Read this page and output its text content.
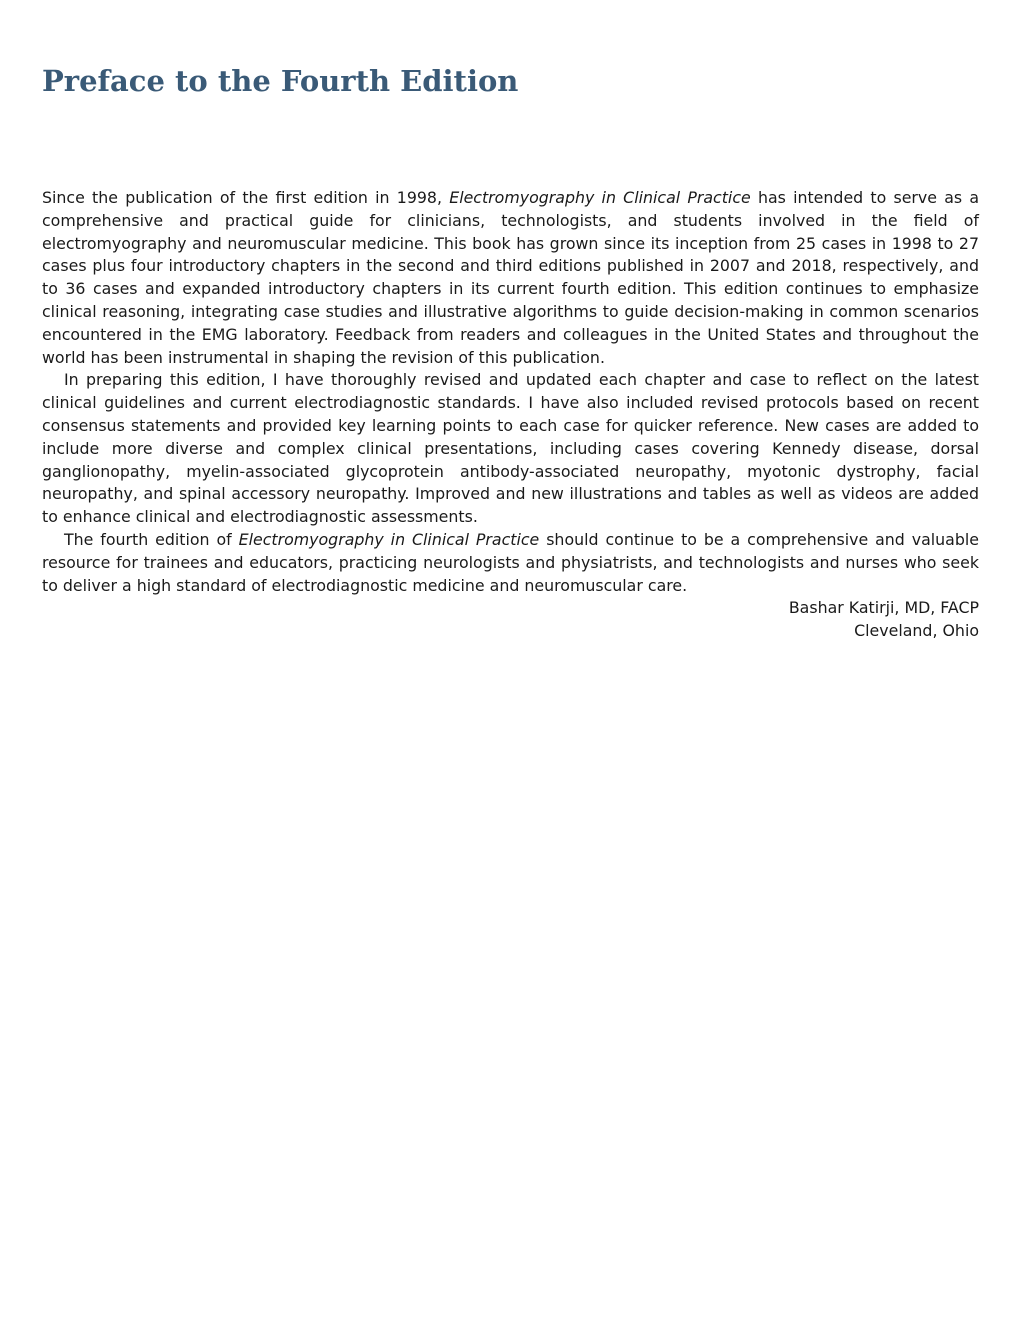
Preface to the Fourth Edition

Since the publication of the first edition in 1998, Electromyography in Clinical Practice has intended to serve as a comprehensive and practical guide for clinicians, technologists, and students involved in the field of electromyography and neuromuscular medicine. This book has grown since its inception from 25 cases in 1998 to 27 cases plus four introductory chapters in the second and third editions published in 2007 and 2018, respectively, and to 36 cases and expanded introductory chapters in its current fourth edition. This edition continues to emphasize clinical reasoning, integrating case studies and illustrative algorithms to guide decision-making in common scenarios encountered in the EMG laboratory. Feedback from readers and colleagues in the United States and throughout the world has been instrumental in shaping the revision of this publication.

In preparing this edition, I have thoroughly revised and updated each chapter and case to reflect on the latest clinical guidelines and current electrodiagnostic standards. I have also included revised protocols based on recent consensus statements and provided key learning points to each case for quicker reference. New cases are added to include more diverse and complex clinical presentations, including cases covering Kennedy disease, dorsal ganglionopathy, myelin-associated glycoprotein antibody-associated neuropathy, myotonic dystrophy, facial neuropathy, and spinal accessory neuropathy. Improved and new illustrations and tables as well as videos are added to enhance clinical and electrodiagnostic assessments.

The fourth edition of Electromyography in Clinical Practice should continue to be a comprehensive and valuable resource for trainees and educators, practicing neurologists and physiatrists, and technologists and nurses who seek to deliver a high standard of electrodiagnostic medicine and neuromuscular care.

Bashar Katirji, MD, FACP
Cleveland, Ohio
